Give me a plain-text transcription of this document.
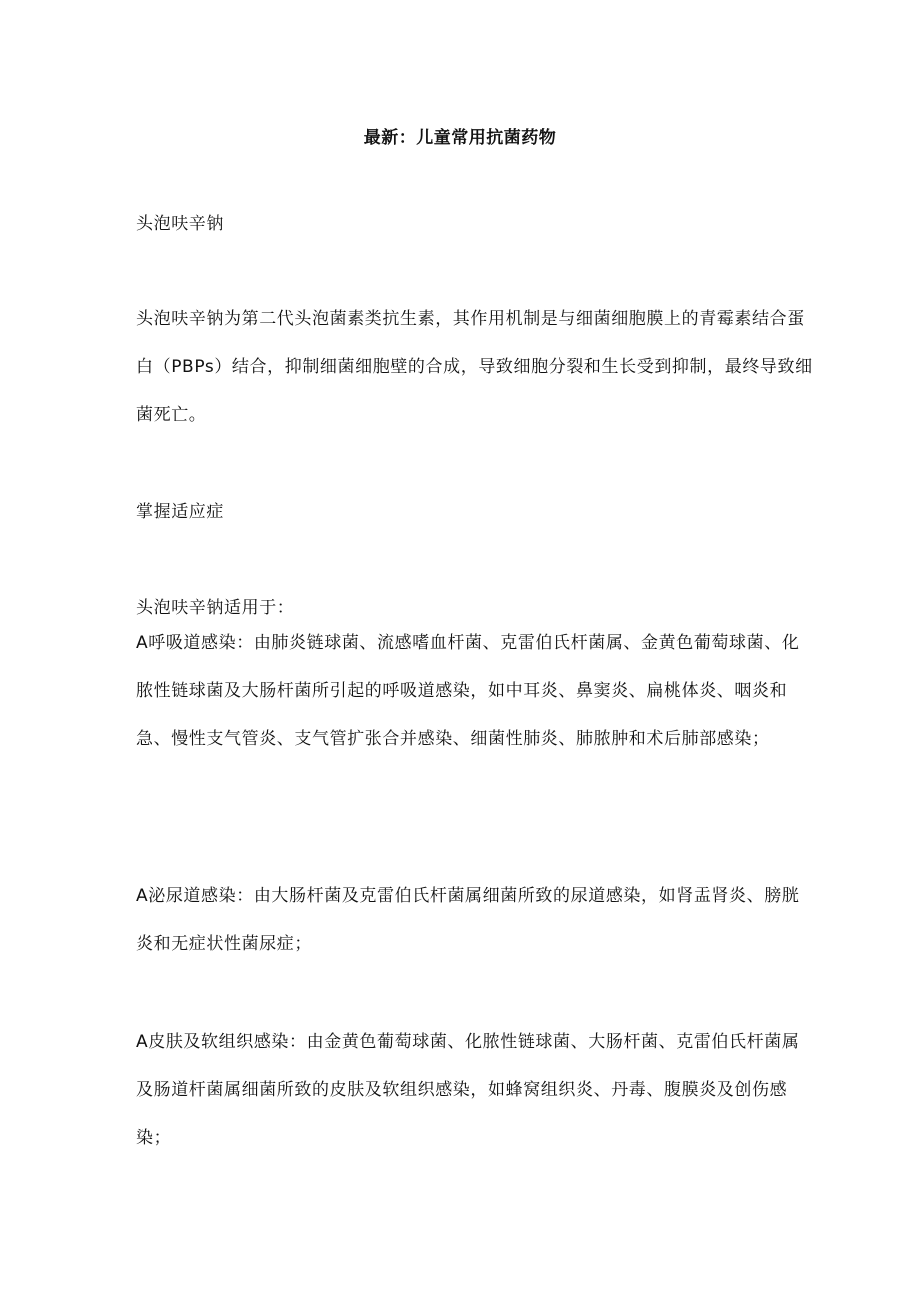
最新：儿童常用抗菌药物

头泡呋辛钠

头泡呋辛钠为第二代头泡菌素类抗生素，其作用机制是与细菌细胞膜上的青霉素结合蛋白（PBPs）结合，抑制细菌细胞壁的合成，导致细胞分裂和生长受到抑制，最终导致细菌死亡。

掌握适应症

头泡呋辛钠适用于：

A呼吸道感染：由肺炎链球菌、流感嗜血杆菌、克雷伯氏杆菌属、金黄色葡萄球菌、化脓性链球菌及大肠杆菌所引起的呼吸道感染，如中耳炎、鼻窦炎、扁桃体炎、咽炎和急、慢性支气管炎、支气管扩张合并感染、细菌性肺炎、肺脓肿和术后肺部感染；

A泌尿道感染：由大肠杆菌及克雷伯氏杆菌属细菌所致的尿道感染，如肾盂肾炎、膀胱炎和无症状性菌尿症；

A皮肤及软组织感染：由金黄色葡萄球菌、化脓性链球菌、大肠杆菌、克雷伯氏杆菌属及肠道杆菌属细菌所致的皮肤及软组织感染，如蜂窝组织炎、丹毒、腹膜炎及创伤感染；
